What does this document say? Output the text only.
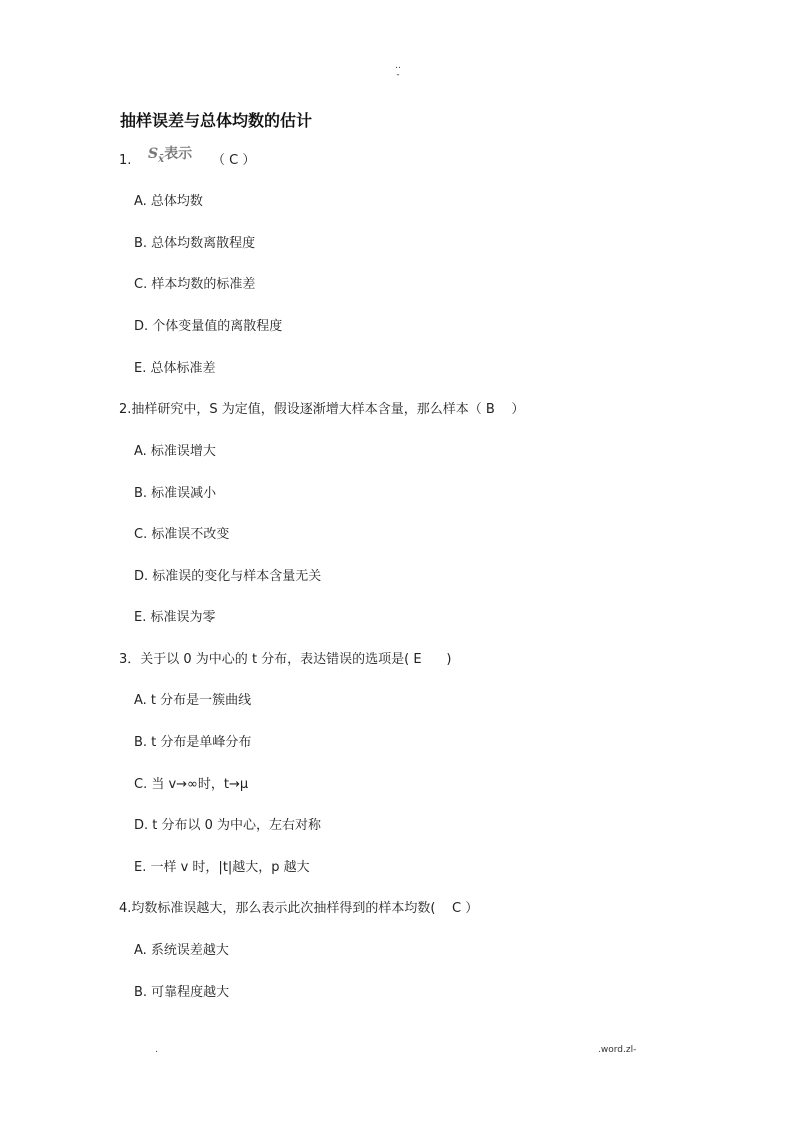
..
-
抽样误差与总体均数的估计
1. $S_{x̄}$表示 （ C ）
A. 总体均数
B. 总体均数离散程度
C. 样本均数的标准差
D. 个体变量值的离散程度
E. 总体标准差
2.抽样研究中，S 为定值，假设逐渐增大样本含量，那么样本（ B    ）
A. 标准误增大
B. 标准误减小
C. 标准误不改变
D. 标准误的变化与样本含量无关
E. 标准误为零
3．关于以 0 为中心的 t 分布，表达错误的选项是( E      )
A. t 分布是一簇曲线
B. t 分布是单峰分布
C. 当 v→∞时，t→μ
D. t 分布以 0 为中心，左右对称
E. 一样 v 时，|t|越大，p 越大
4.均数标准误越大，那么表示此次抽样得到的样本均数(    C ）
A. 系统误差越大
B. 可靠程度越大
.	.word.zl-
